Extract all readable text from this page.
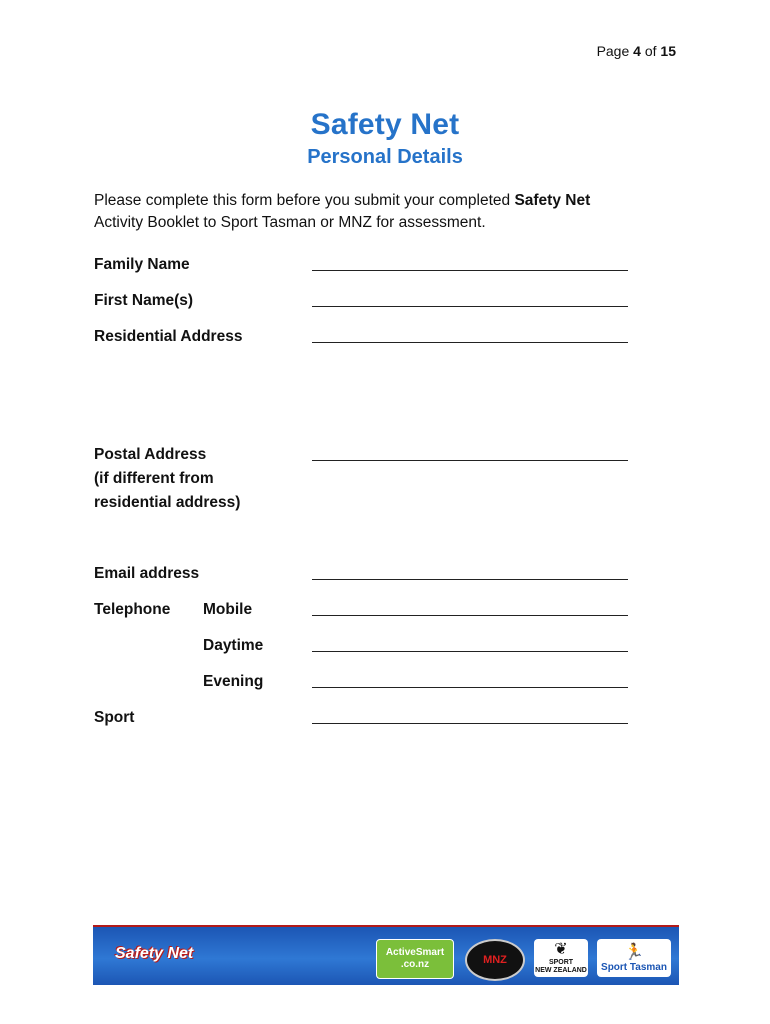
Page 4 of 15
Safety Net
Personal Details
Please complete this form before you submit your completed Safety Net
Activity Booklet to Sport Tasman or MNZ for assessment.
Family Name
First Name(s)
Residential Address
Postal Address
(if different from
residential address)
Email address
Telephone Mobile
Daytime
Evening
Sport
Safety Net	ActiveSmart
.co.nz	MNZ
❦
SPORT
NEW ZEALAND
🏃
Sport Tasman
